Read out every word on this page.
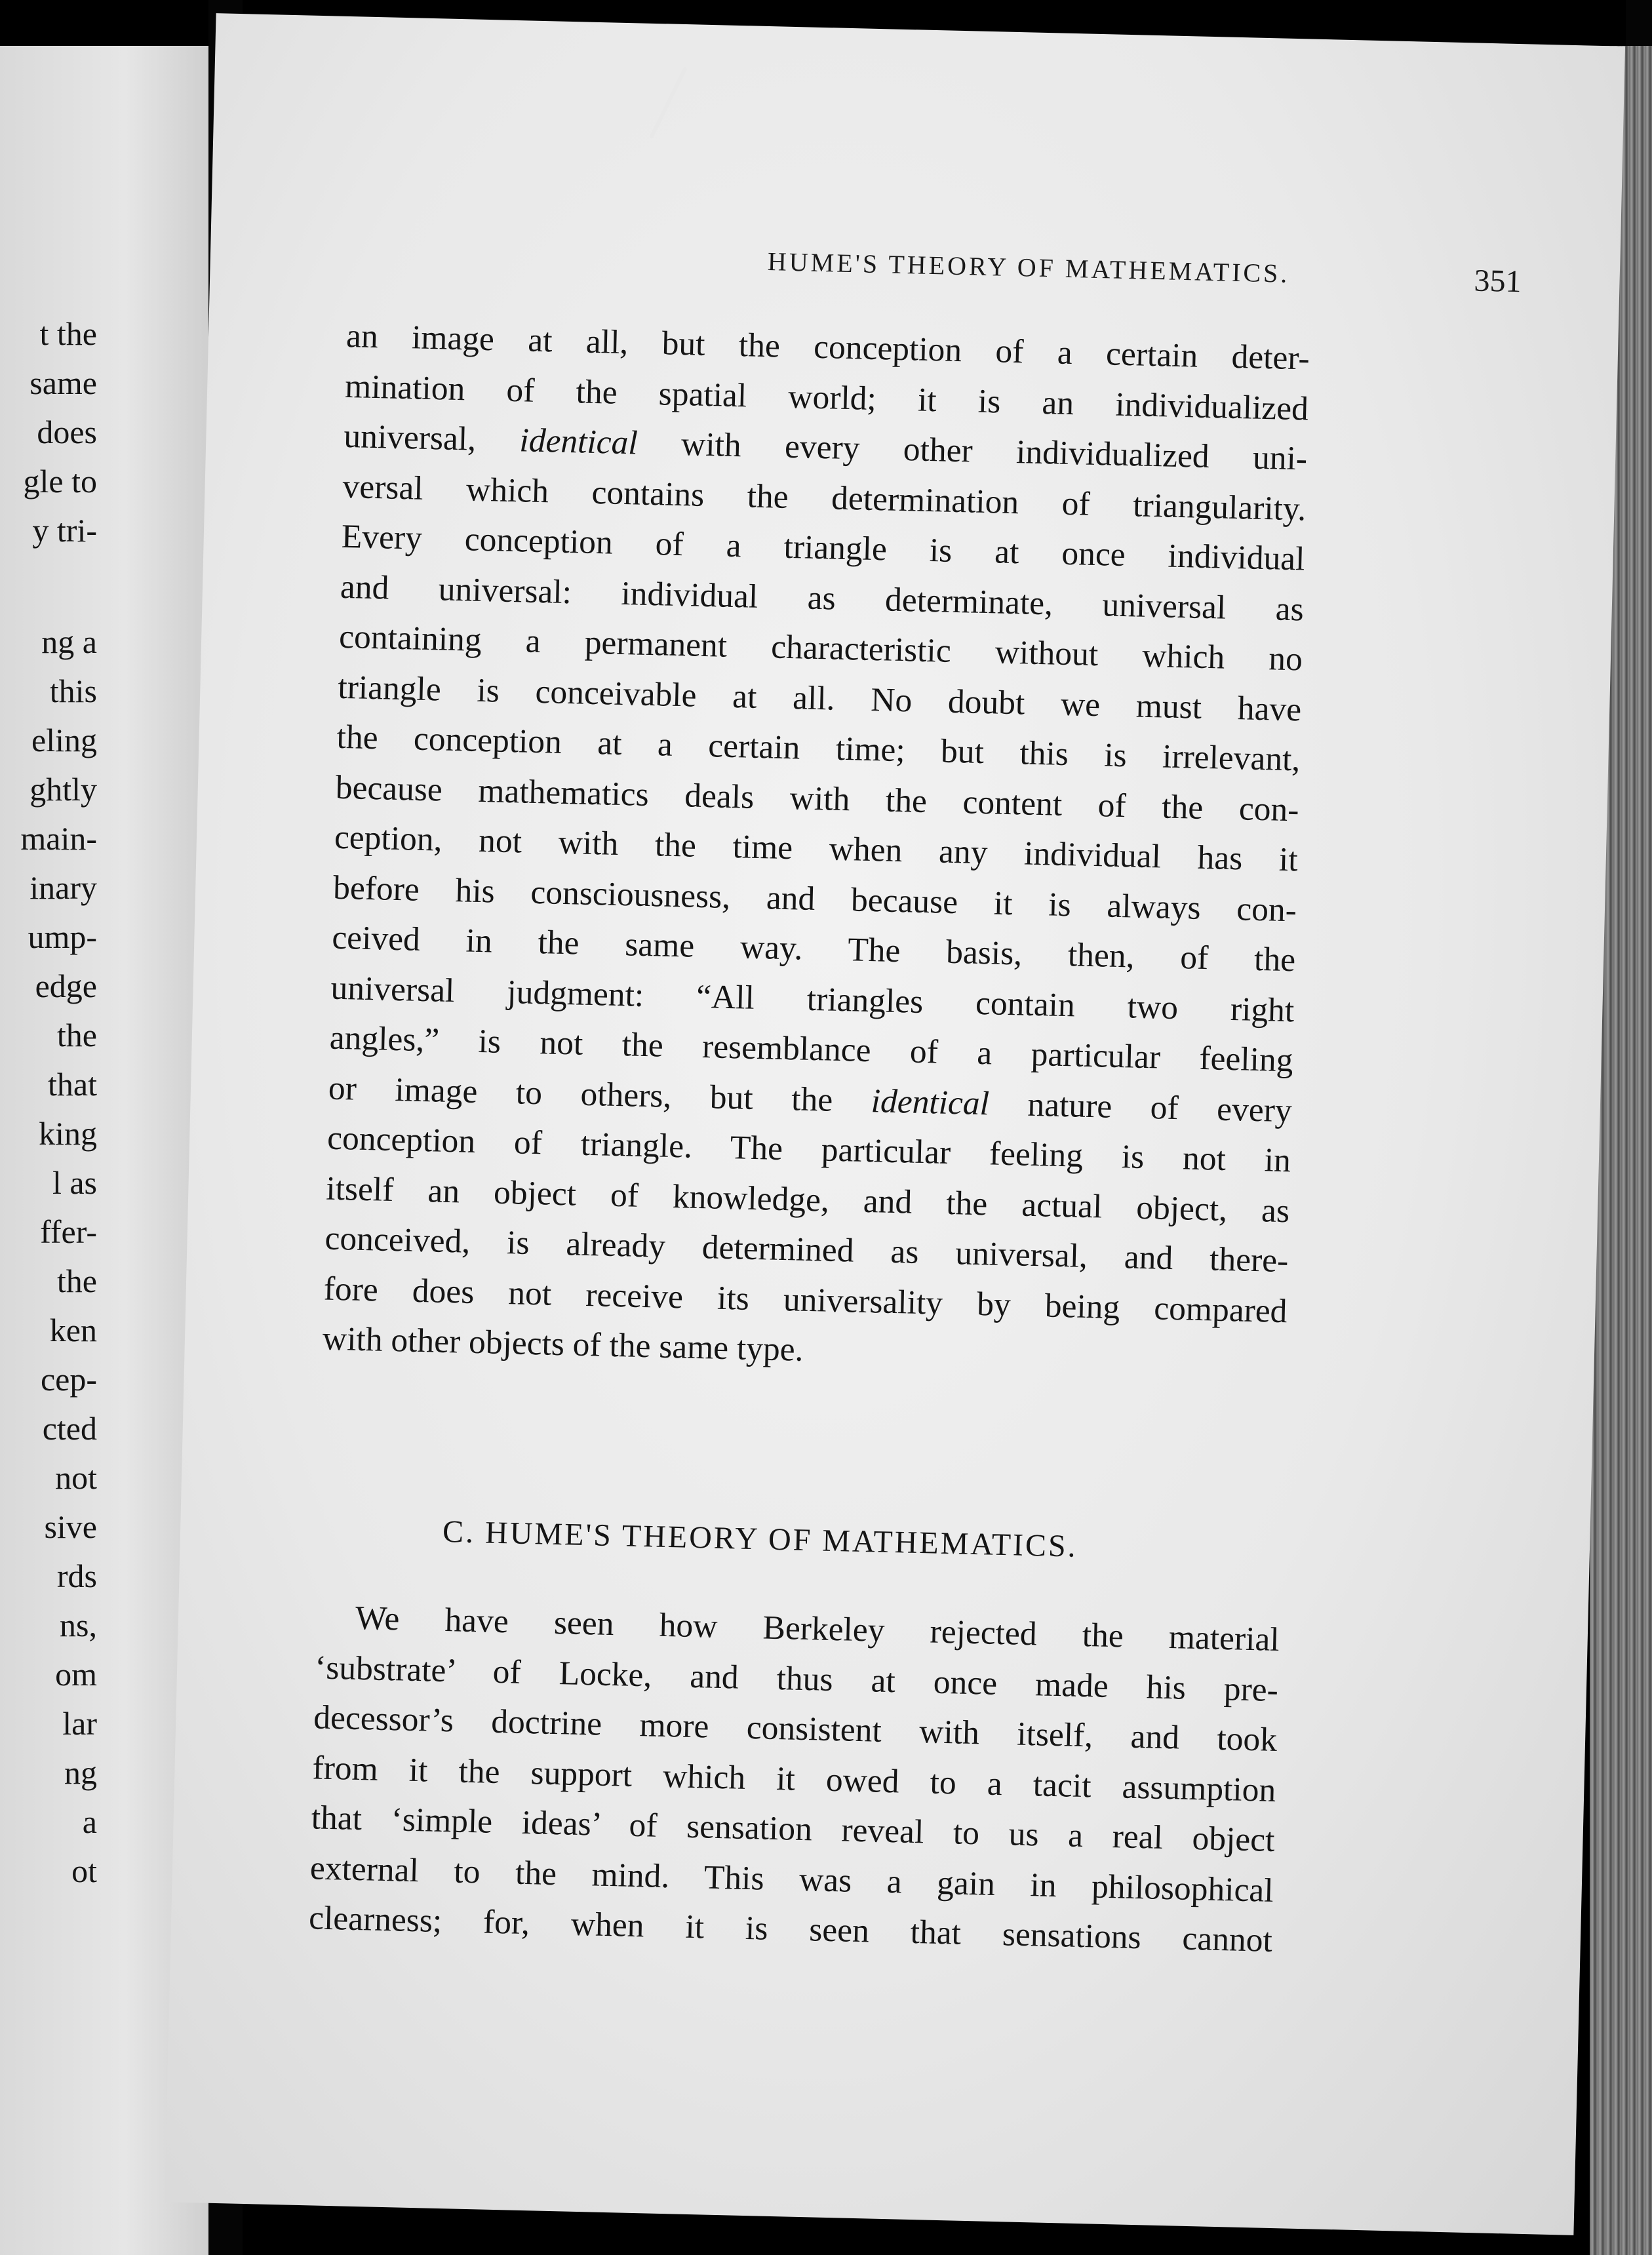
t the
same
does
gle to
y tri-
ng a
this
eling
ghtly
main-
inary
ump-
edge
the
that
king
l as
ffer-
the
ken
cep-
cted
not
sive
rds
ns,
om
lar
ng
a
ot
HUME'S THEORY OF MATHEMATICS.	351
an image at all, but the conception of a certain deter-
mination of the spatial world; it is an individualized
universal, identical with every other individualized uni-
versal which contains the determination of triangularity.
Every conception of a triangle is at once individual
and universal: individual as determinate, universal as
containing a permanent characteristic without which no
triangle is conceivable at all. No doubt we must have
the conception at a certain time; but this is irrelevant,
because mathematics deals with the content of the con-
ception, not with the time when any individual has it
before his consciousness, and because it is always con-
ceived in the same way. The basis, then, of the
universal judgment: “All triangles contain two right
angles,” is not the resemblance of a particular feeling
or image to others, but the identical nature of every
conception of triangle. The particular feeling is not in
itself an object of knowledge, and the actual object, as
conceived, is already determined as universal, and there-
fore does not receive its universality by being compared
with other objects of the same type.
C. HUME'S THEORY OF MATHEMATICS.
We have seen how Berkeley rejected the material
‘substrate’ of Locke, and thus at once made his pre-
decessor’s doctrine more consistent with itself, and took
from it the support which it owed to a tacit assumption
that ‘simple ideas’ of sensation reveal to us a real object
external to the mind. This was a gain in philosophical
clearness; for, when it is seen that sensations cannot
